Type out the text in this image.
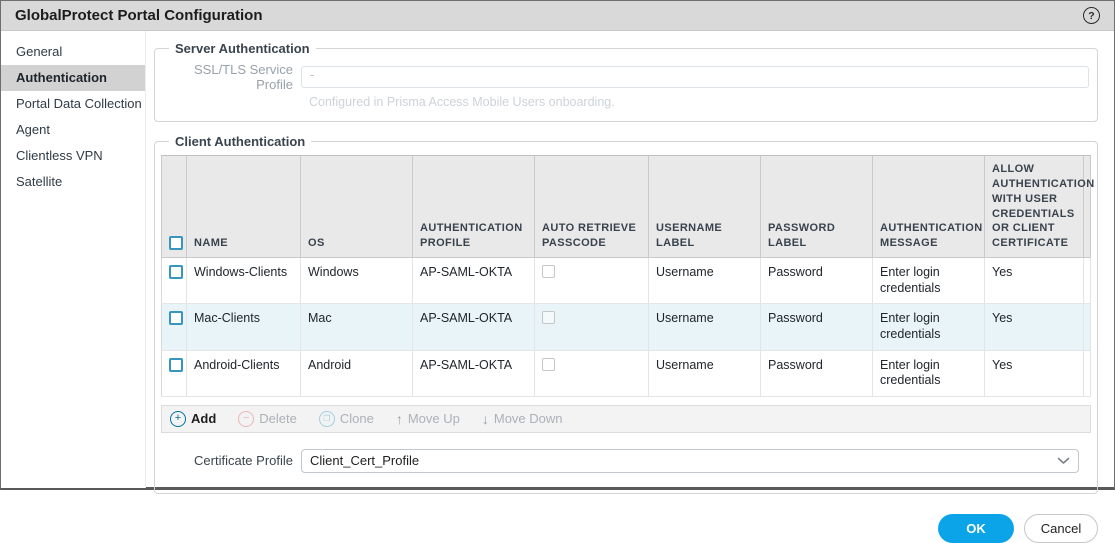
GlobalProtect Portal Configuration	?
General
Authentication
Portal Data Collection
Agent
Clientless VPN
Satellite
Server Authentication
SSL/TLS Service Profile
-
Configured in Prisma Access Mobile Users onboarding.
Client Authentication
	NAME	OS	AUTHENTICATION PROFILE	AUTO RETRIEVE PASSCODE	USERNAME LABEL	PASSWORD LABEL	AUTHENTICATION MESSAGE	ALLOW AUTHENTICATION WITH USER CREDENTIALS OR CLIENT CERTIFICATE	

	Windows-Clients	Windows	AP-SAML-OKTA		Username	Password	Enter login credentials	Yes	

	Mac-Clients	Mac	AP-SAML-OKTA		Username	Password	Enter login credentials	Yes	

	Android-Clients	Android	AP-SAML-OKTA		Username	Password	Enter login credentials	Yes	
+ Add	− Delete	❐ Clone ↑ Move Up ↓ Move Down
Certificate Profile	Client_Cert_Profile
OK	Cancel
